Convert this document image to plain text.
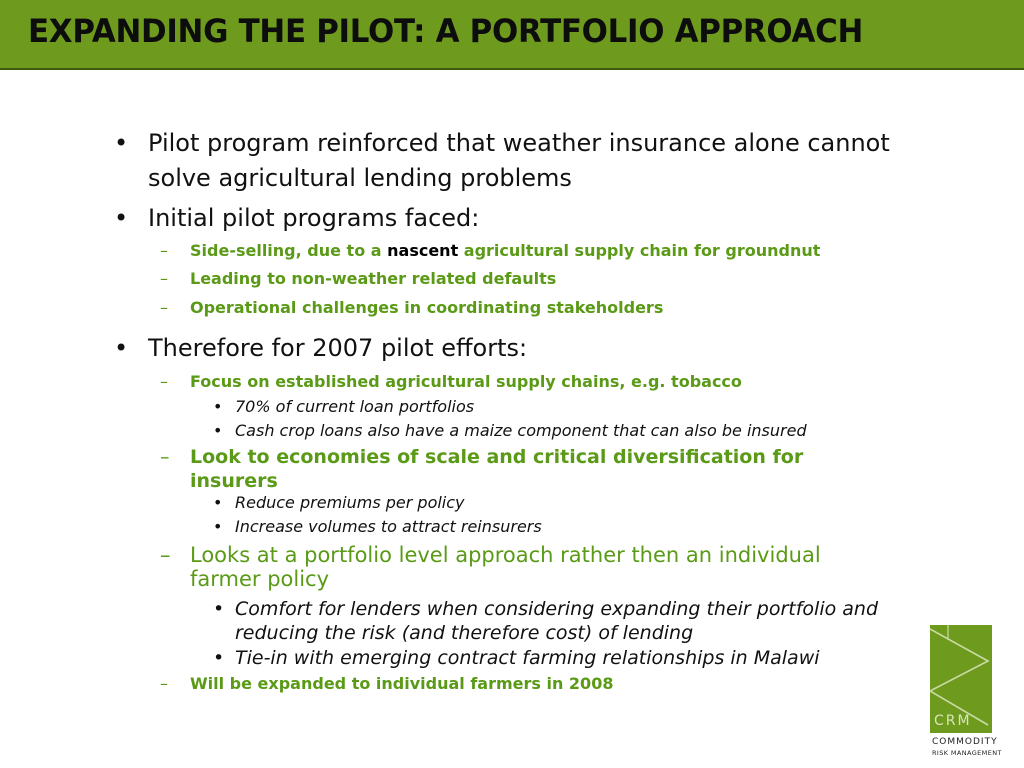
EXPANDING THE PILOT: A PORTFOLIO APPROACH
• Pilot program reinforced that weather insurance alone cannot solve agricultural lending problems
• Initial pilot programs faced:
–	Side-selling, due to a nascent agricultural supply chain for groundnut
–	Leading to non-weather related defaults
–	Operational challenges in coordinating stakeholders
• Therefore for 2007 pilot efforts:
–	Focus on established agricultural supply chains, e.g. tobacco
• 70% of current loan portfolios
• Cash crop loans also have a maize component that can also be insured
–	Look to economies of scale and critical diversification for insurers
• Reduce premiums per policy
• Increase volumes to attract reinsurers
– Looks at a portfolio level approach rather then an individual farmer policy
• Comfort for lenders when considering expanding their portfolio and reducing the risk (and therefore cost) of lending
• Tie-in with emerging contract farming relationships in Malawi
–	Will be expanded to individual farmers in 2008
CRM
COMMODITY
RISK MANAGEMENT
